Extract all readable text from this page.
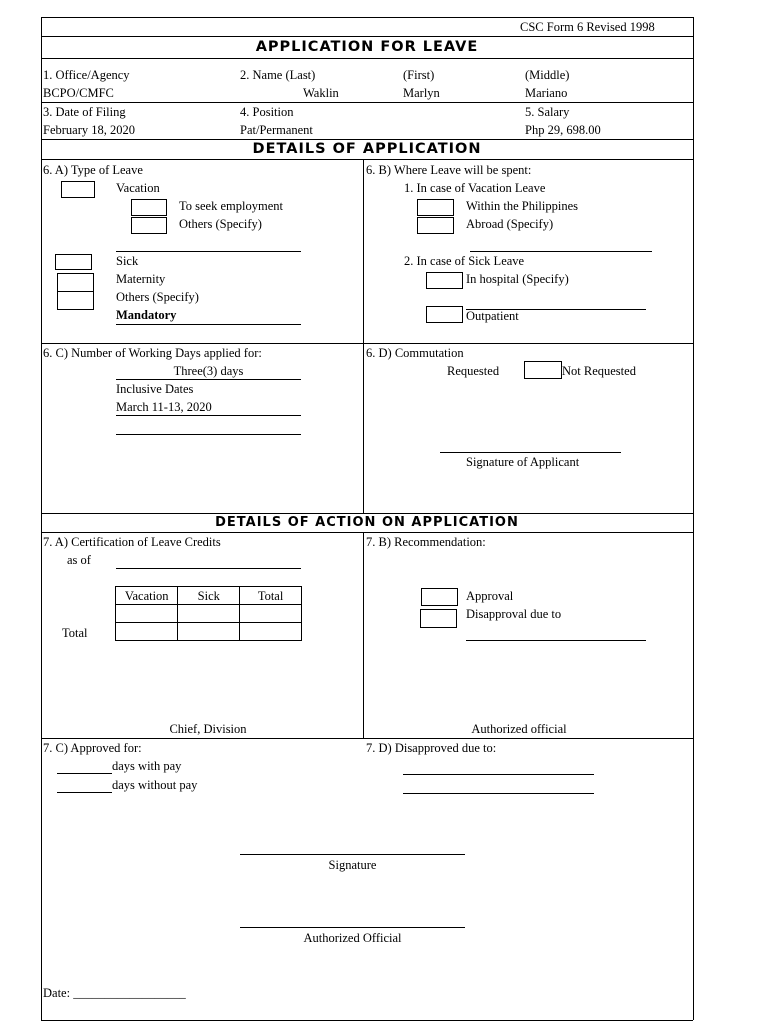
CSC Form 6 Revised 1998
APPLICATION FOR LEAVE
1. Office/Agency
BCPO/CMFC
2. Name (Last)
Waklin
(First)
Marlyn
(Middle)
Mariano
3. Date of Filing
February 18, 2020
4. Position
Pat/Permanent
5. Salary
Php 29, 698.00
DETAILS OF APPLICATION
6. A) Type of Leave
Vacation
To seek employment
Others (Specify)
Sick
Maternity
Others (Specify)
Mandatory
6. B) Where Leave will be spent:
1. In case of Vacation Leave
Within the Philippines
Abroad (Specify)
2. In case of Sick Leave
In hospital (Specify)
Outpatient
6. C) Number of Working Days applied for:
Three(3) days
Inclusive Dates
March 11-13, 2020
6. D) Commutation
Requested	Not Requested
Signature of Applicant
DETAILS OF ACTION ON APPLICATION
7. A) Certification of Leave Credits
as of
Vacation	Sick	Total

Total
Chief, Division
7. B) Recommendation:
Approval
Disapproval due to
Authorized official
7. C) Approved for:
days with pay
days without pay
7. D) Disapproved due to:
Signature
Authorized Official
Date: __________________
